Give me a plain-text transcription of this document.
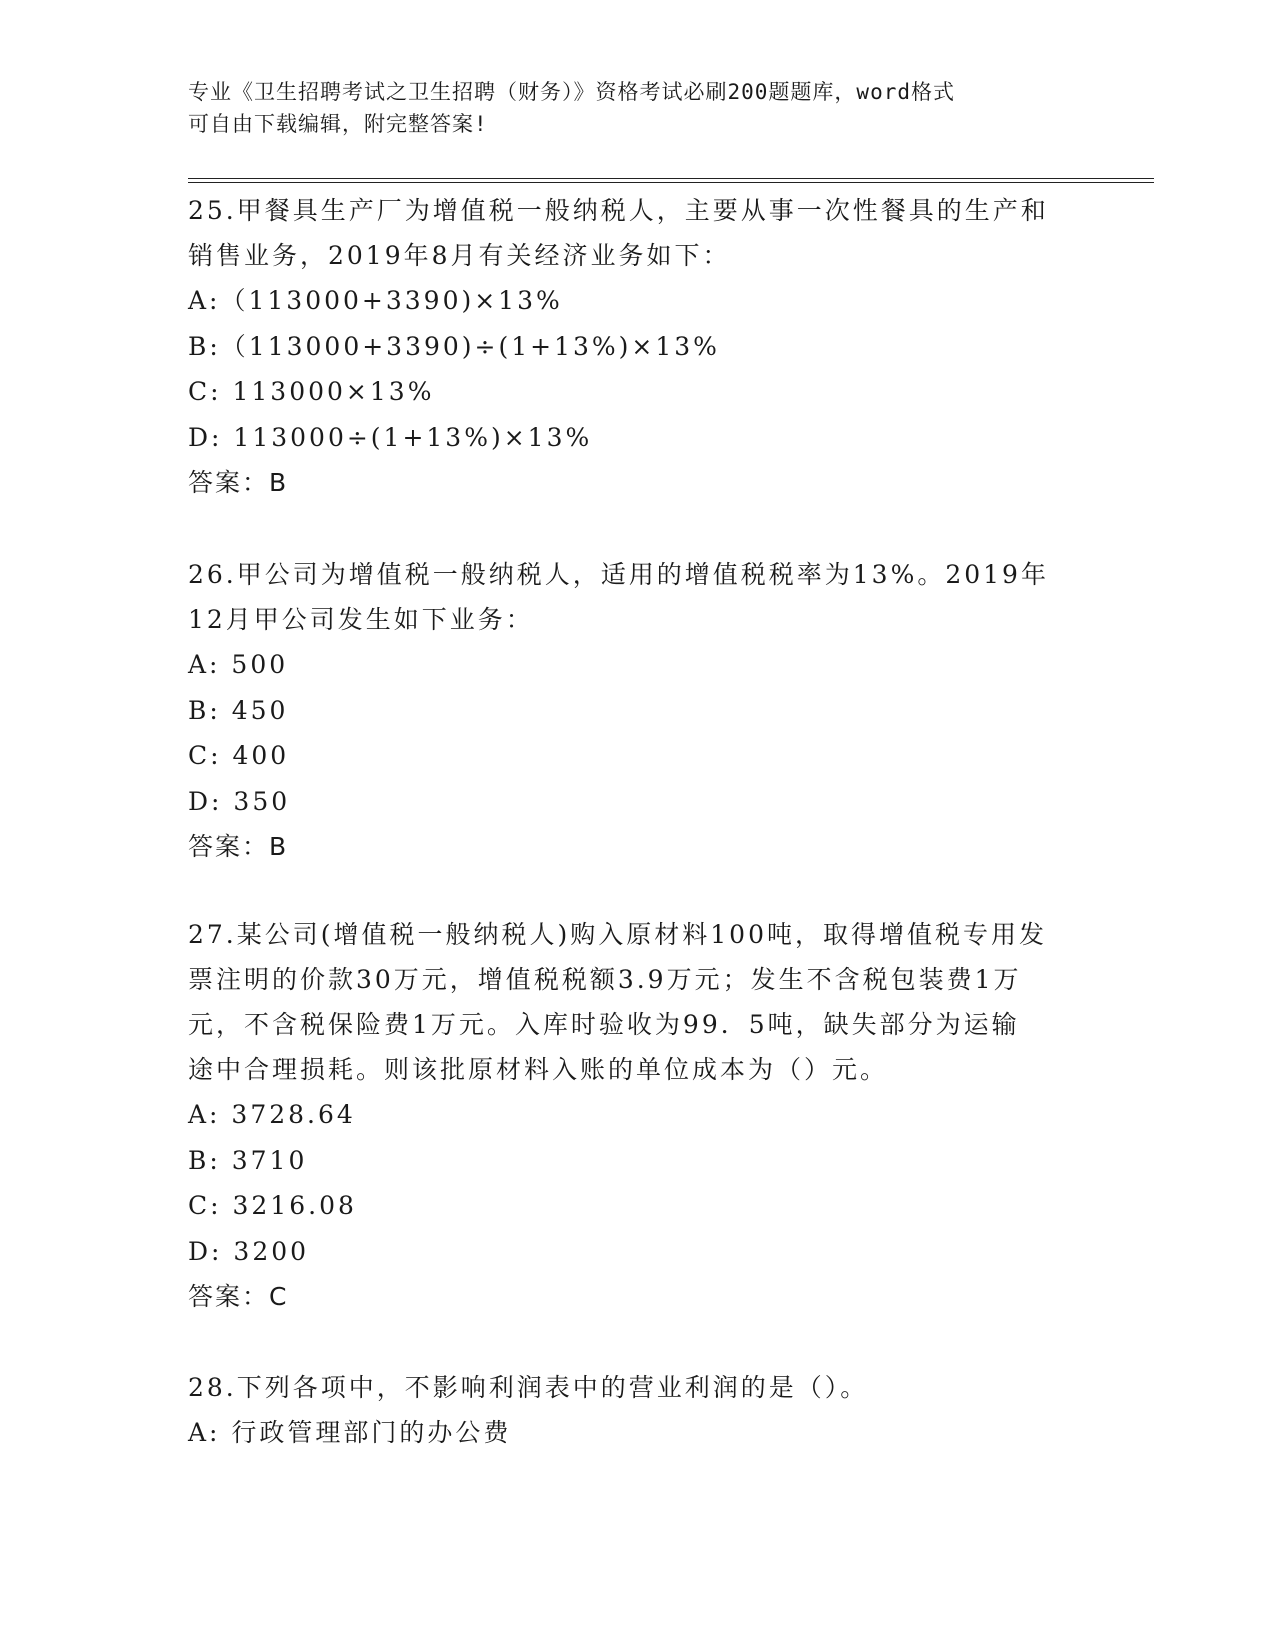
专业《卫生招聘考试之卫生招聘（财务）》资格考试必刷200题题库，word格式
可自由下载编辑，附完整答案!
25.甲餐具生产厂为增值税一般纳税人，主要从事一次性餐具的生产和
销售业务，2019年8月有关经济业务如下：
A:（113000+3390)×13%
B:（113000+3390)÷(1+13%)×13%
C: 113000×13%
D: 113000÷(1+13%)×13%
答案：B
26.甲公司为增值税一般纳税人，适用的增值税税率为13%。2019年
12月甲公司发生如下业务：
A: 500
B: 450
C: 400
D: 350
答案：B
27.某公司(增值税一般纳税人)购入原材料100吨，取得增值税专用发
票注明的价款30万元，增值税税额3.9万元；发生不含税包装费1万
元，不含税保险费1万元。入库时验收为99．5吨，缺失部分为运输
途中合理损耗。则该批原材料入账的单位成本为（）元。
A: 3728.64
B: 3710
C: 3216.08
D: 3200
答案：C
28.下列各项中，不影响利润表中的营业利润的是（）。
A: 行政管理部门的办公费
